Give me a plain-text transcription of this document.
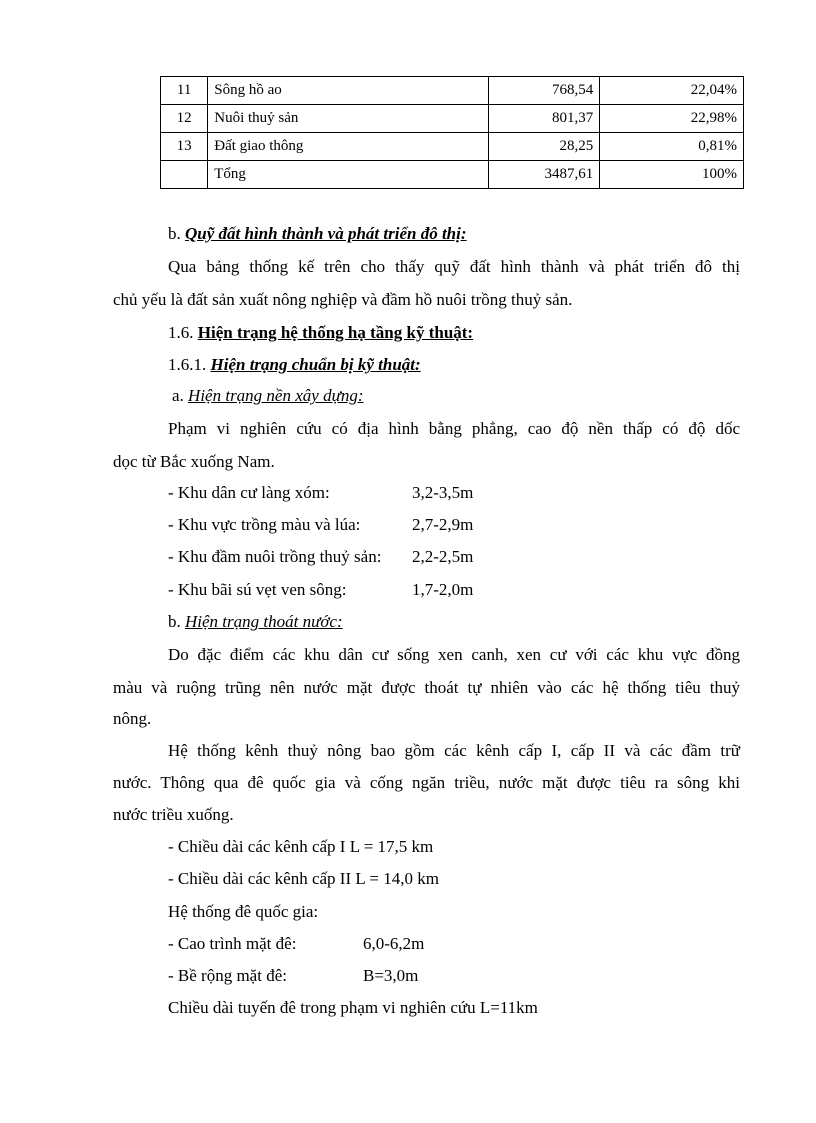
11	Sông hồ ao	768,54	22,04%
12	Nuôi thuỷ sản	801,37	22,98%
13	Đất giao thông	28,25	0,81%
	Tổng	3487,61	100%
b. Quỹ đất hình thành và phát triển đô thị:
Qua bảng thống kế trên cho thấy quỹ đất hình thành và phát triển đô thị
chủ yếu là đất sản xuất nông nghiệp và đầm hồ nuôi trồng thuỷ sản.
1.6. Hiện trạng hệ thống hạ tầng kỹ thuật:
1.6.1. Hiện trạng chuẩn bị kỹ thuật:
a. Hiện trạng nền xây dựng:
Phạm vi nghiên cứu có địa hình bằng phẳng, cao độ nền thấp có độ dốc
dọc từ Bắc xuống Nam.
- Khu dân cư làng xóm:	3,2-3,5m
- Khu vực trồng màu và lúa:	2,7-2,9m
- Khu đầm nuôi trồng thuỷ sản: 2,2-2,5m
- Khu bãi sú vẹt ven sông:	1,7-2,0m
b. Hiện trạng thoát nước:
Do đặc điểm các khu dân cư sống xen canh, xen cư với các khu vực đồng
màu và ruộng trũng nên nước mặt được thoát tự nhiên vào các hệ thống tiêu thuỷ
nông.
Hệ thống kênh thuỷ nông bao gồm các kênh cấp I, cấp II và các đầm trữ
nước. Thông qua đê quốc gia và cống ngăn triều, nước mặt được tiêu ra sông khi
nước triều xuống.
- Chiều dài các kênh cấp I L = 17,5 km
- Chiều dài các kênh cấp II L = 14,0 km
Hệ thống đê quốc gia:
- Cao trình mặt đê:	6,0-6,2m
- Bề rộng mặt đê:	B=3,0m
Chiều dài tuyến đê trong phạm vi nghiên cứu L=11km
